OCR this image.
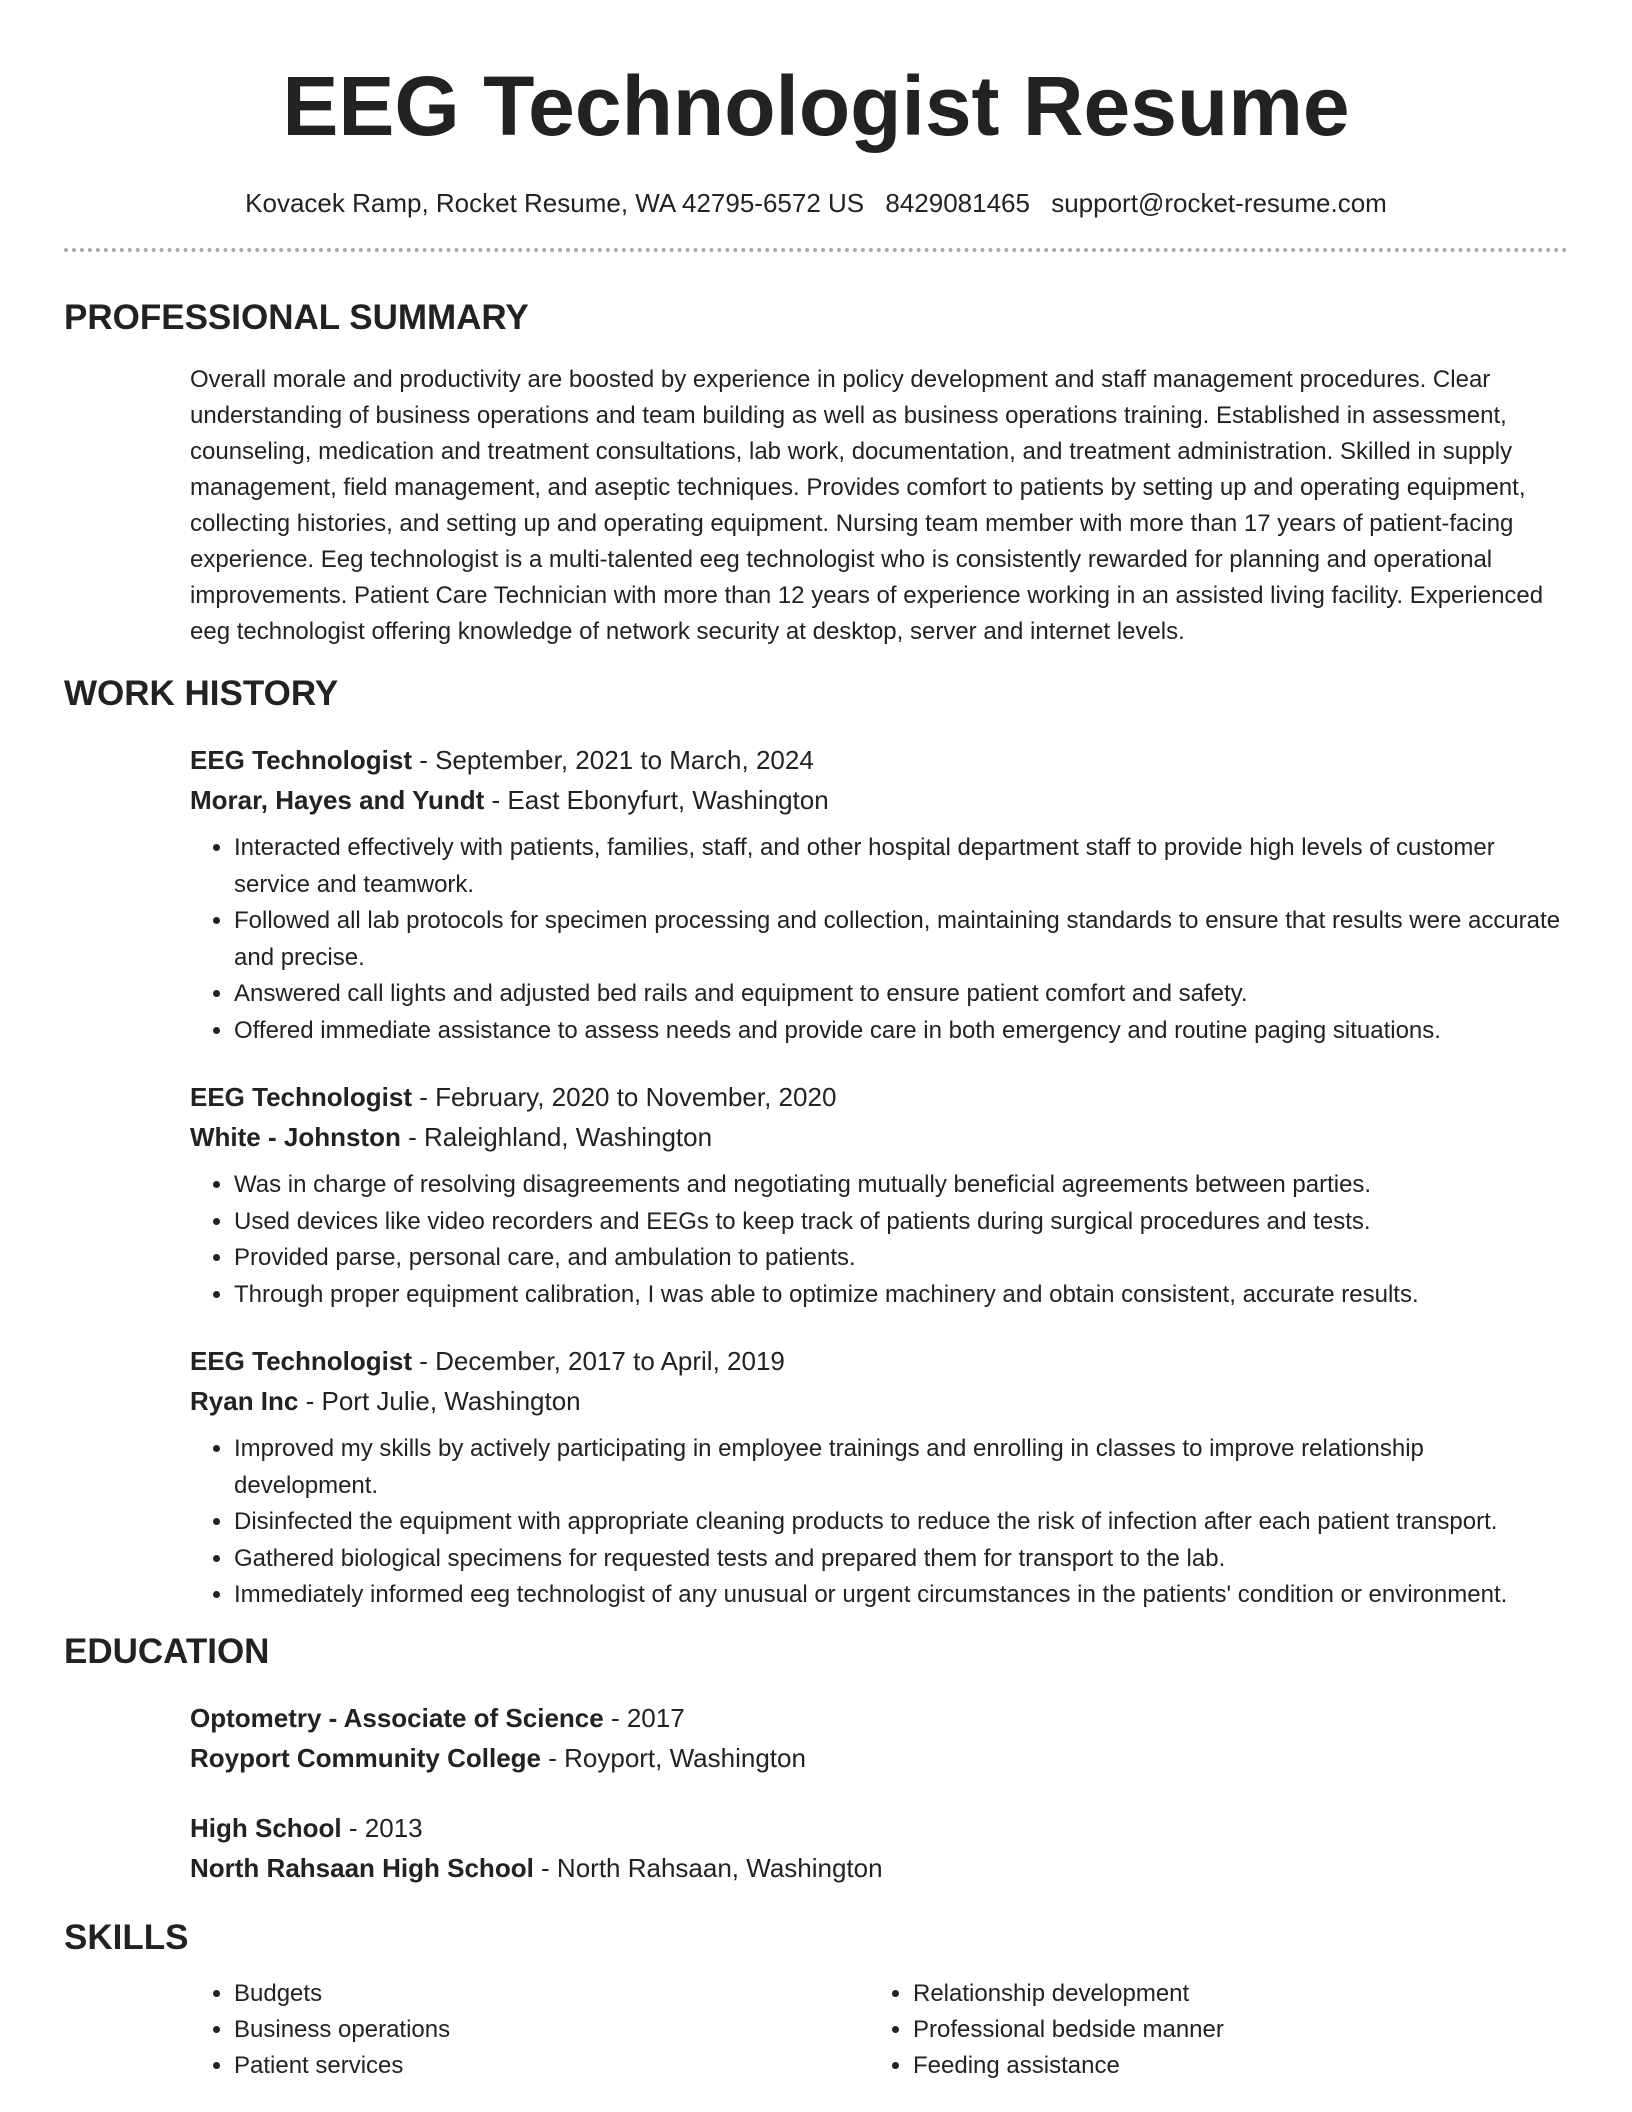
EEG Technologist Resume
Kovacek Ramp, Rocket Resume, WA 42795-6572 US 8429081465 support@rocket-resume.com
PROFESSIONAL SUMMARY

Overall morale and productivity are boosted by experience in policy development and staff management procedures. Clear understanding of business operations and team building as well as business operations training. Established in assessment, counseling, medication and treatment consultations, lab work, documentation, and treatment administration. Skilled in supply management, field management, and aseptic techniques. Provides comfort to patients by setting up and operating equipment, collecting histories, and setting up and operating equipment. Nursing team member with more than 17 years of patient-facing experience. Eeg technologist is a multi-talented eeg technologist who is consistently rewarded for planning and operational improvements. Patient Care Technician with more than 12 years of experience working in an assisted living facility. Experienced eeg technologist offering knowledge of network security at desktop, server and internet levels.

WORK HISTORY
EEG Technologist - September, 2021 to March, 2024
Morar, Hayes and Yundt - East Ebonyfurt, Washington
• Interacted effectively with patients, families, staff, and other hospital department staff to provide high levels of customer service and teamwork.
• Followed all lab protocols for specimen processing and collection, maintaining standards to ensure that results were accurate and precise.
• Answered call lights and adjusted bed rails and equipment to ensure patient comfort and safety.
• Offered immediate assistance to assess needs and provide care in both emergency and routine paging situations.
EEG Technologist - February, 2020 to November, 2020
White - Johnston - Raleighland, Washington
• Was in charge of resolving disagreements and negotiating mutually beneficial agreements between parties.
• Used devices like video recorders and EEGs to keep track of patients during surgical procedures and tests.
• Provided parse, personal care, and ambulation to patients.
• Through proper equipment calibration, I was able to optimize machinery and obtain consistent, accurate results.
EEG Technologist - December, 2017 to April, 2019
Ryan Inc - Port Julie, Washington
• Improved my skills by actively participating in employee trainings and enrolling in classes to improve relationship development.
• Disinfected the equipment with appropriate cleaning products to reduce the risk of infection after each patient transport.
• Gathered biological specimens for requested tests and prepared them for transport to the lab.
• Immediately informed eeg technologist of any unusual or urgent circumstances in the patients' condition or environment.
EDUCATION
Optometry - Associate of Science - 2017
Royport Community College - Royport, Washington
High School - 2013
North Rahsaan High School - North Rahsaan, Washington
SKILLS
• Budgets
• Business operations
• Patient services
• Relationship development
• Professional bedside manner
• Feeding assistance
